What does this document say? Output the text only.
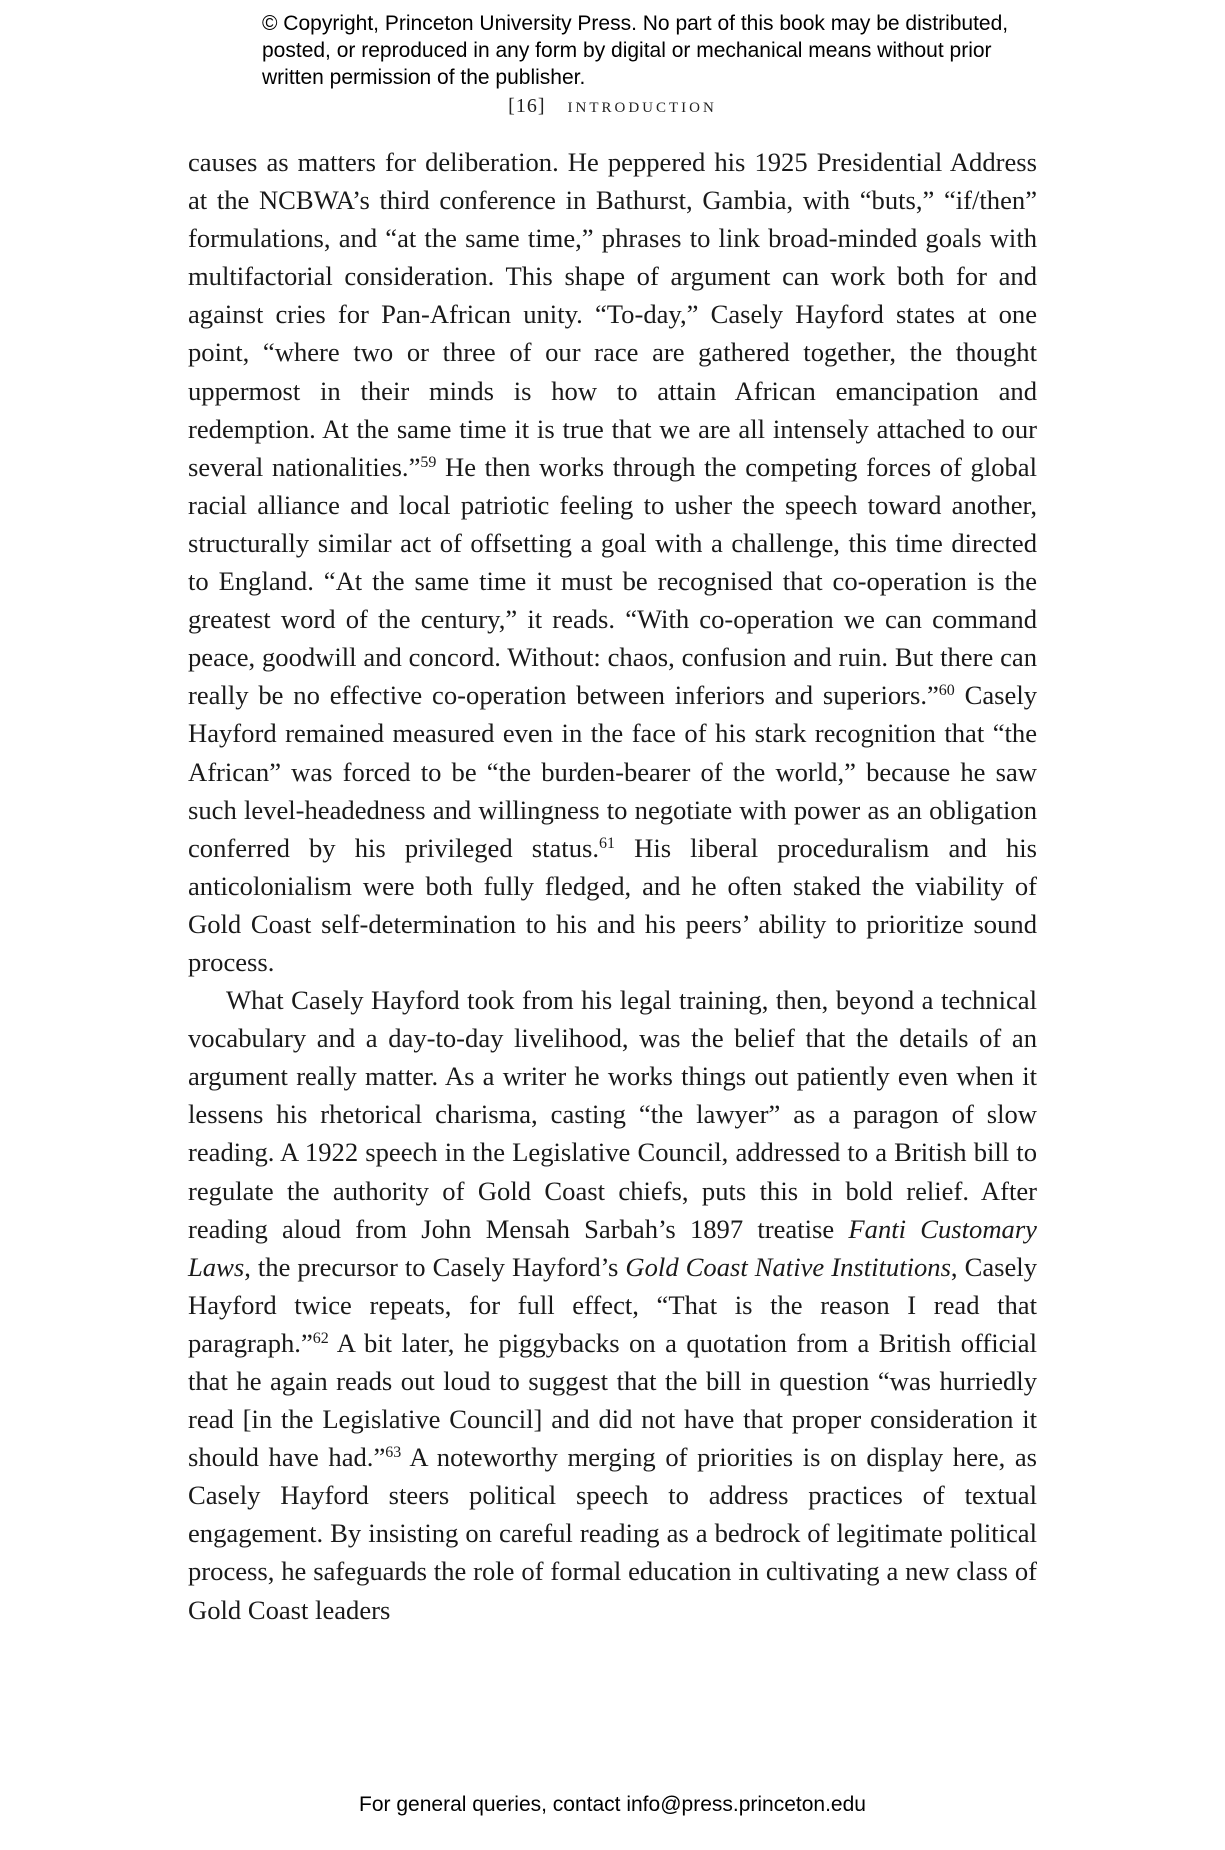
© Copyright, Princeton University Press. No part of this book may be distributed, posted, or reproduced in any form by digital or mechanical means without prior written permission of the publisher.
[16] introduction

causes as matters for deliberation. He peppered his 1925 Presidential Address at the NCBWA’s third conference in Bathurst, Gambia, with “buts,” “if/then” formulations, and “at the same time,” phrases to link broad-minded goals with multifactorial consideration. This shape of argument can work both for and against cries for Pan-African unity. “To-day,” Casely Hayford states at one point, “where two or three of our race are gathered together, the thought uppermost in their minds is how to attain African emancipation and redemption. At the same time it is true that we are all intensely attached to our several nationalities.”$^{59}$ He then works through the competing forces of global racial alliance and local patriotic feeling to usher the speech toward another, structurally similar act of offsetting a goal with a challenge, this time directed to England. “At the same time it must be recognised that co-operation is the greatest word of the century,” it reads. “With co-operation we can command peace, goodwill and concord. Without: chaos, confusion and ruin. But there can really be no effective co-operation between inferiors and superiors.”$^{60}$ Casely Hayford remained measured even in the face of his stark recognition that “the African” was forced to be “the burden-bearer of the world,” because he saw such level-headedness and willingness to negotiate with power as an obligation conferred by his privileged status.$^{61}$ His liberal proceduralism and his anticolonialism were both fully fledged, and he often staked the viability of Gold Coast self-determination to his and his peers’ ability to prioritize sound process.

What Casely Hayford took from his legal training, then, beyond a technical vocabulary and a day-to-day livelihood, was the belief that the details of an argument really matter. As a writer he works things out patiently even when it lessens his rhetorical charisma, casting “the lawyer” as a paragon of slow reading. A 1922 speech in the Legislative Council, addressed to a British bill to regulate the authority of Gold Coast chiefs, puts this in bold relief. After reading aloud from John Mensah Sarbah’s 1897 treatise Fanti Customary Laws, the precursor to Casely Hayford’s Gold Coast Native Institutions, Casely Hayford twice repeats, for full effect, “That is the reason I read that paragraph.”$^{62}$ A bit later, he piggybacks on a quotation from a British official that he again reads out loud to suggest that the bill in question “was hurriedly read [in the Legislative Council] and did not have that proper consideration it should have had.”$^{63}$ A noteworthy merging of priorities is on display here, as Casely Hayford steers political speech to address practices of textual engagement. By insisting on careful reading as a bedrock of legitimate political process, he safeguards the role of formal education in cultivating a new class of Gold Coast leaders

For general queries, contact info@press.princeton.edu
